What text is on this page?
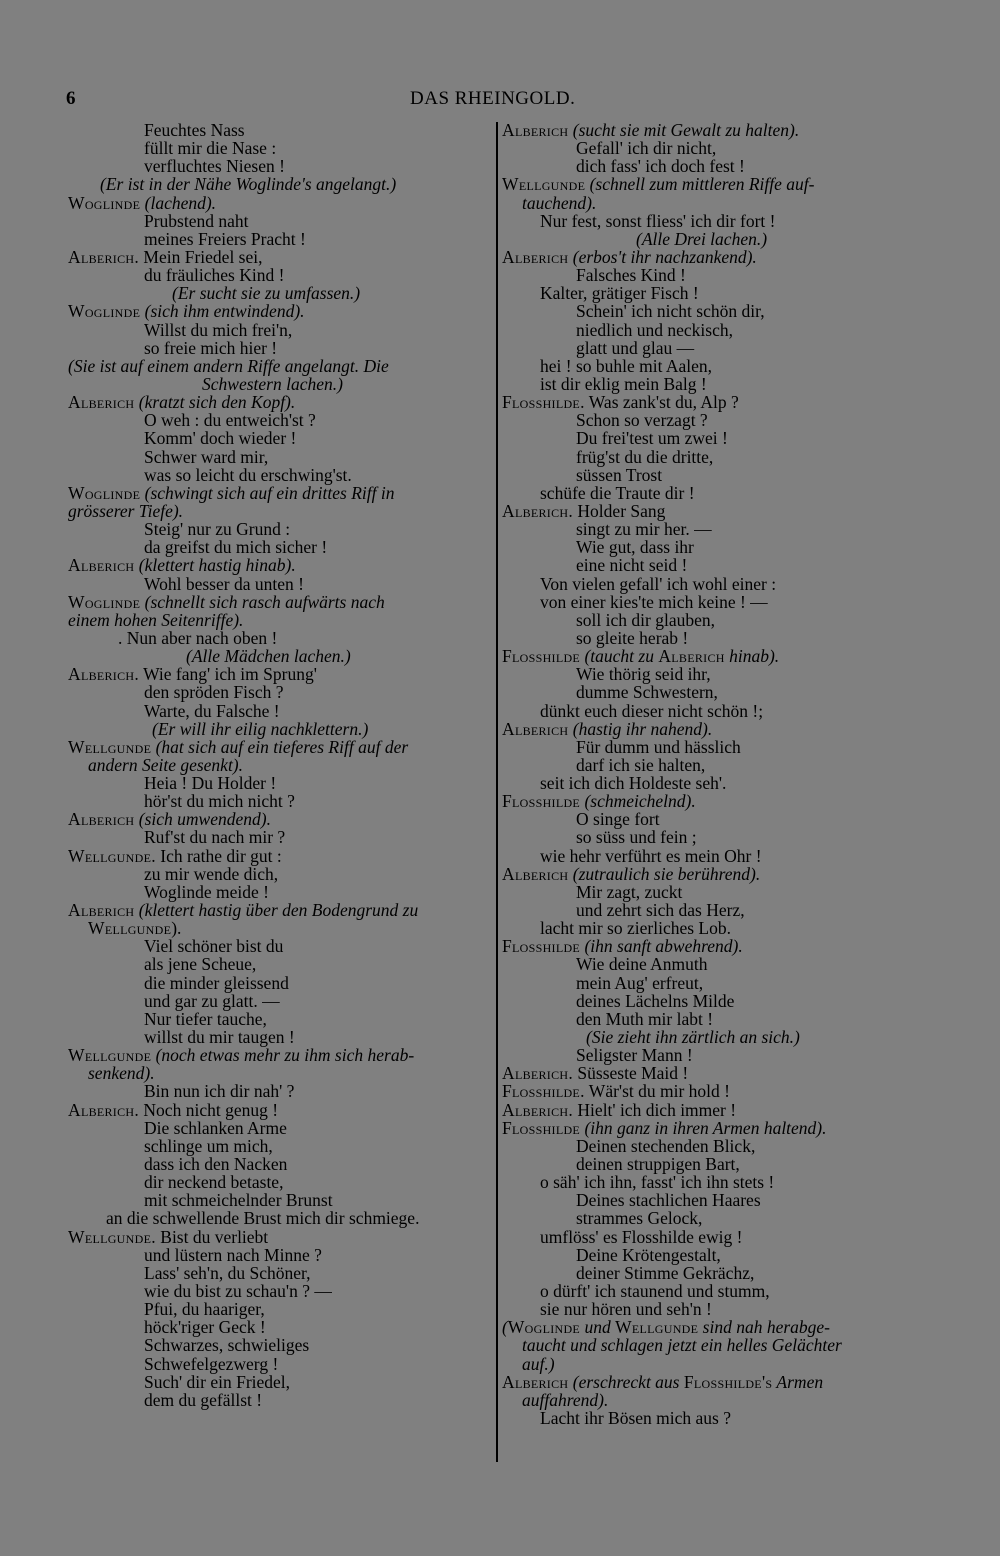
6	DAS RHEINGOLD.
Feuchtes Nass
füllt mir die Nase :
verfluchtes Niesen !
(Er ist in der Nähe Woglinde's angelangt.)
Woglinde (lachend).
Prubstend naht
meines Freiers Pracht !
Alberich. Mein Friedel sei,
du fräuliches Kind !
(Er sucht sie zu umfassen.)
Woglinde (sich ihm entwindend).
Willst du mich frei'n,
so freie mich hier !
(Sie ist auf einem andern Riffe angelangt. Die
Schwestern lachen.)
Alberich (kratzt sich den Kopf).
O weh : du entweich'st ?
Komm' doch wieder !
Schwer ward mir,
was so leicht du erschwing'st.
Woglinde (schwingt sich auf ein drittes Riff in
grösserer Tiefe).
Steig' nur zu Grund :
da greifst du mich sicher !
Alberich (klettert hastig hinab).
Wohl besser da unten !
Woglinde (schnellt sich rasch aufwärts nach
einem hohen Seitenriffe).
. Nun aber nach oben !
(Alle Mädchen lachen.)
Alberich. Wie fang' ich im Sprung'
den spröden Fisch ?
Warte, du Falsche !
(Er will ihr eilig nachklettern.)
Wellgunde (hat sich auf ein tieferes Riff auf der
andern Seite gesenkt).
Heia ! Du Holder !
hör'st du mich nicht ?
Alberich (sich umwendend).
Ruf'st du nach mir ?
Wellgunde. Ich rathe dir gut :
zu mir wende dich,
Woglinde meide !
Alberich (klettert hastig über den Bodengrund zu
Wellgunde).
Viel schöner bist du
als jene Scheue,
die minder gleissend
und gar zu glatt. —
Nur tiefer tauche,
willst du mir taugen !
Wellgunde (noch etwas mehr zu ihm sich herab-
senkend).
Bin nun ich dir nah' ?
Alberich. Noch nicht genug !
Die schlanken Arme
schlinge um mich,
dass ich den Nacken
dir neckend betaste,
mit schmeichelnder Brunst
an die schwellende Brust mich dir schmiege.
Wellgunde. Bist du verliebt
und lüstern nach Minne ?
Lass' seh'n, du Schöner,
wie du bist zu schau'n ? —
Pfui, du haariger,
höck'riger Geck !
Schwarzes, schwieliges
Schwefelgezwerg !
Such' dir ein Friedel,
dem du gefällst !
Alberich (sucht sie mit Gewalt zu halten).
Gefall' ich dir nicht,
dich fass' ich doch fest !
Wellgunde (schnell zum mittleren Riffe auf-
tauchend).
Nur fest, sonst fliess' ich dir fort !
(Alle Drei lachen.)
Alberich (erbos't ihr nachzankend).
Falsches Kind !
Kalter, grätiger Fisch !
Schein' ich nicht schön dir,
niedlich und neckisch,
glatt und glau —
hei ! so buhle mit Aalen,
ist dir eklig mein Balg !
Flosshilde. Was zank'st du, Alp ?
Schon so verzagt ?
Du frei'test um zwei !
früg'st du die dritte,
süssen Trost
schüfe die Traute dir !
Alberich. Holder Sang
singt zu mir her. —
Wie gut, dass ihr
eine nicht seid !
Von vielen gefall' ich wohl einer :
von einer kies'te mich keine ! —
soll ich dir glauben,
so gleite herab !
Flosshilde (taucht zu Alberich hinab).
Wie thörig seid ihr,
dumme Schwestern,
dünkt euch dieser nicht schön !;
Alberich (hastig ihr nahend).
Für dumm und hässlich
darf ich sie halten,
seit ich dich Holdeste seh'.
Flosshilde (schmeichelnd).
O singe fort
so süss und fein ;
wie hehr verführt es mein Ohr !
Alberich (zutraulich sie berührend).
Mir zagt, zuckt
und zehrt sich das Herz,
lacht mir so zierliches Lob.
Flosshilde (ihn sanft abwehrend).
Wie deine Anmuth
mein Aug' erfreut,
deines Lächelns Milde
den Muth mir labt !
(Sie zieht ihn zärtlich an sich.)
Seligster Mann !
Alberich. Süsseste Maid !
Flosshilde. Wär'st du mir hold !
Alberich. Hielt' ich dich immer !
Flosshilde (ihn ganz in ihren Armen haltend).
Deinen stechenden Blick,
deinen struppigen Bart,
o säh' ich ihn, fasst' ich ihn stets !
Deines stachlichen Haares
strammes Gelock,
umflöss' es Flosshilde ewig !
Deine Krötengestalt,
deiner Stimme Gekrächz,
o dürft' ich staunend und stumm,
sie nur hören und seh'n !
(Woglinde und Wellgunde sind nah herabge-
taucht und schlagen jetzt ein helles Gelächter
auf.)
Alberich (erschreckt aus Flosshilde's Armen
auffahrend).
Lacht ihr Bösen mich aus ?
